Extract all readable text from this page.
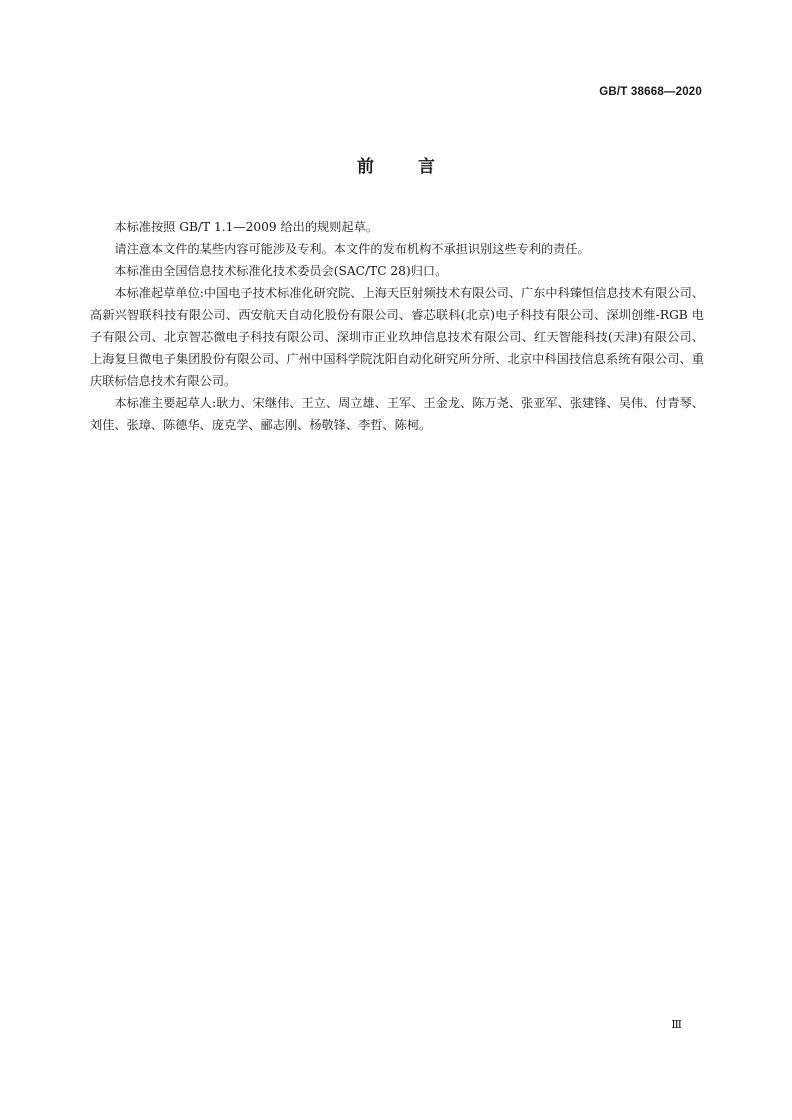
GB/T 38668—2020
前	言

本标准按照 GB/T 1.1—2009 给出的规则起草。

请注意本文件的某些内容可能涉及专利。本文件的发布机构不承担识别这些专利的责任。

本标准由全国信息技术标准化技术委员会(SAC/TC 28)归口。

本标准起草单位:中国电子技术标准化研究院、上海天臣射频技术有限公司、广东中科臻恒信息技术有限公司、高新兴智联科技有限公司、西安航天自动化股份有限公司、睿芯联科(北京)电子科技有限公司、深圳创维-RGB 电子有限公司、北京智芯微电子科技有限公司、深圳市正业玖坤信息技术有限公司、红天智能科技(天津)有限公司、上海复旦微电子集团股份有限公司、广州中国科学院沈阳自动化研究所分所、北京中科国技信息系统有限公司、重庆联标信息技术有限公司。

本标准主要起草人:耿力、宋继伟、王立、周立雄、王军、王金龙、陈万尧、张亚军、张建锋、吴伟、付青琴、刘佳、张璋、陈德华、庞克学、郦志刚、杨敬锋、李哲、陈柯。

Ⅲ
